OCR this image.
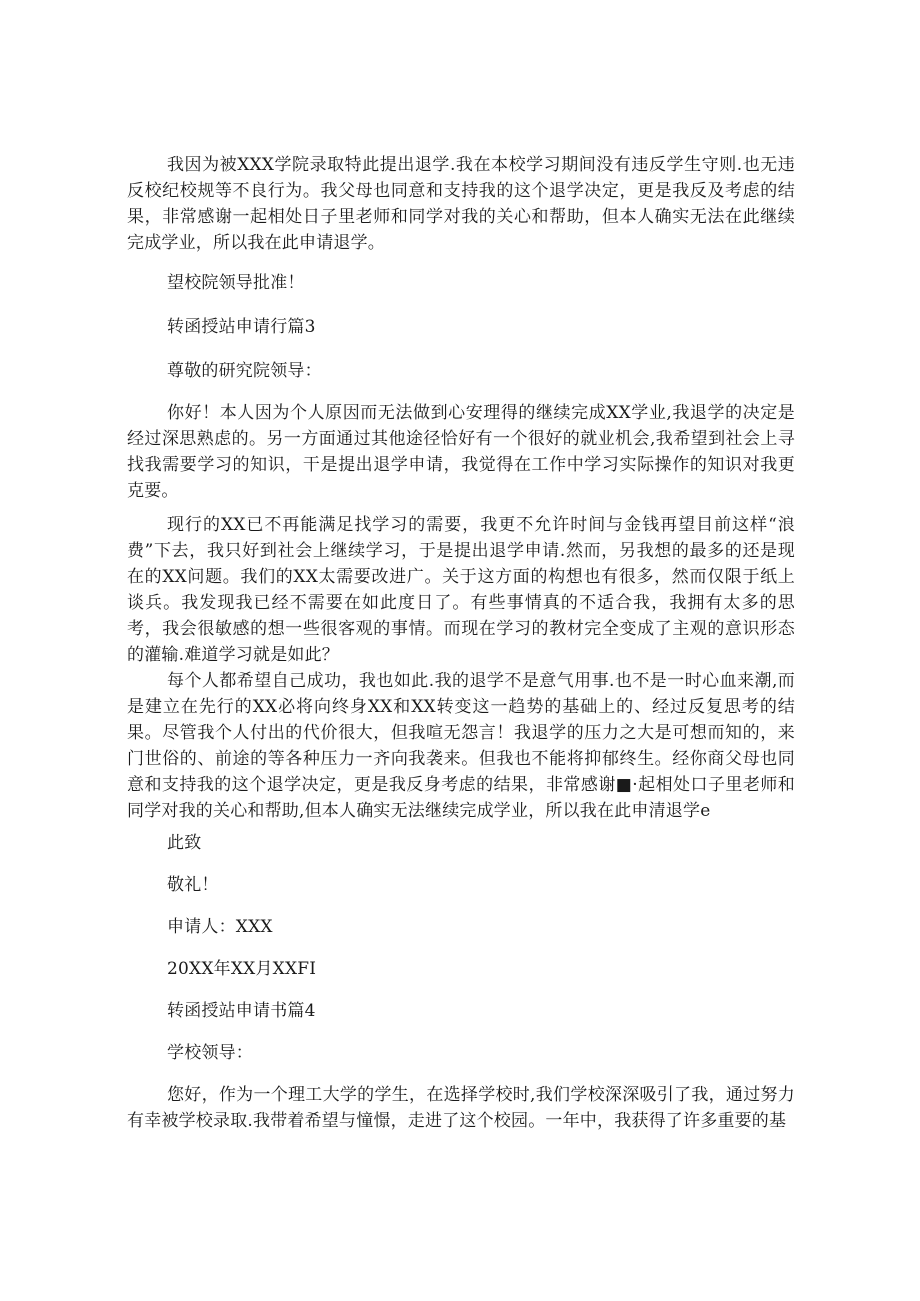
我因为被XXX学院录取特此提出退学.我在本校学习期间没有违反学生守则.也无违反校纪校规等不良行为。我父母也同意和支持我的这个退学决定，更是我反及考虑的结果，非常感谢一起相处日子里老师和同学对我的关心和帮助，但本人确实无法在此继续完成学业，所以我在此申请退学。

望校院领导批准！

转函授站申请行篇3

尊敬的研究院领导：

你好！本人因为个人原因而无法做到心安理得的继续完成XX学业,我退学的决定是经过深思熟虑的。另一方面通过其他途径恰好有一个很好的就业机会,我希望到社会上寻找我需要学习的知识，干是提出退学申请，我觉得在工作中学习实际操作的知识对我更克要。

现行的XX已不再能满足找学习的需要，我更不允许时间与金钱再望目前这样“浪费”下去，我只好到社会上继续学习，于是提出退学申请.然而，另我想的最多的还是现在的XX问题。我们的XX太需要改进广。关于这方面的构想也有很多，然而仅限于纸上谈兵。我发现我已经不需要在如此度日了。有些事情真的不适合我，我拥有太多的思考，我会很敏感的想一些很客观的事情。而现在学习的教材完全变成了主观的意识形态的灌输.难道学习就是如此？

每个人都希望自己成功，我也如此.我的退学不是意气用事.也不是一时心血来潮,而是建立在先行的XX必将向终身XX和XX转变这一趋势的基础上的、经过反复思考的结果。尽管我个人付出的代价很大，但我喧无怨言！我退学的压力之大是可想而知的，来门世俗的、前途的等各种压力一齐向我袭来。但我也不能将抑郁终生。经你商父母也同意和支持我的这个退学决定，更是我反身考虑的结果，非常感谢■·起相处口子里老师和同学对我的关心和帮助,但本人确实无法继续完成学业，所以我在此申清退学e

此致

敬礼！

申请人：XXX

20XX年XX月XXFI

转函授站申请书篇4

学校领导：

您好，作为一个理工大学的学生，在选择学校时,我们学校深深吸引了我，通过努力有幸被学校录取.我带着希望与憧憬，走进了这个校园。一年中，我获得了许多重要的基
